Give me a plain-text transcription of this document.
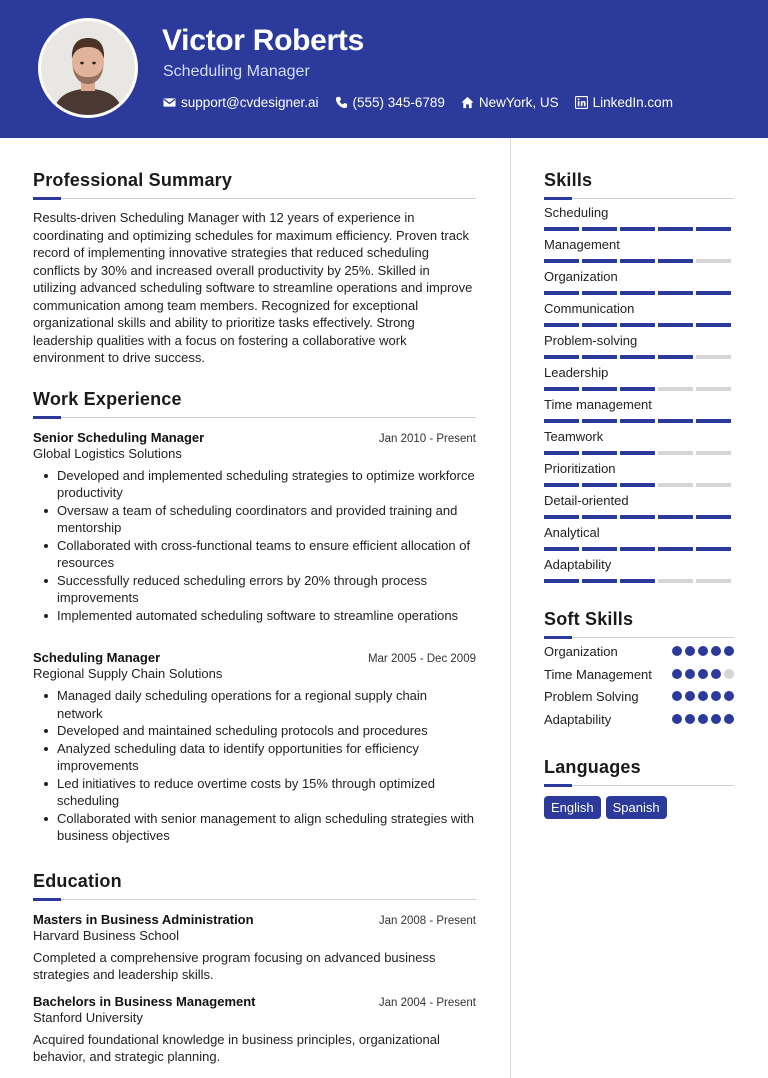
Victor Roberts
Scheduling Manager
support@cvdesigner.ai	(555) 345-6789	NewYork, US	LinkedIn.com
Professional Summary
Results-driven Scheduling Manager with 12 years of experience in coordinating and optimizing schedules for maximum efficiency. Proven track record of implementing innovative strategies that reduced scheduling conflicts by 30% and increased overall productivity by 25%. Skilled in utilizing advanced scheduling software to streamline operations and improve communication among team members. Recognized for exceptional organizational skills and ability to prioritize tasks effectively. Strong leadership qualities with a focus on fostering a collaborative work environment to drive success.
Work Experience
Senior Scheduling Manager	Jan 2010 - Present
Global Logistics Solutions
Developed and implemented scheduling strategies to optimize workforce productivity
Oversaw a team of scheduling coordinators and provided training and mentorship
Collaborated with cross-functional teams to ensure efficient allocation of resources
Successfully reduced scheduling errors by 20% through process improvements
Implemented automated scheduling software to streamline operations
Scheduling Manager	Mar 2005 - Dec 2009
Regional Supply Chain Solutions
Managed daily scheduling operations for a regional supply chain network
Developed and maintained scheduling protocols and procedures
Analyzed scheduling data to identify opportunities for efficiency improvements
Led initiatives to reduce overtime costs by 15% through optimized scheduling
Collaborated with senior management to align scheduling strategies with business objectives
Education
Masters in Business Administration	Jan 2008 - Present
Harvard Business School
Completed a comprehensive program focusing on advanced business strategies and leadership skills.
Bachelors in Business Management	Jan 2004 - Present
Stanford University
Acquired foundational knowledge in business principles, organizational behavior, and strategic planning.
Skills
Scheduling
Management
Organization
Communication
Problem-solving
Leadership
Time management
Teamwork
Prioritization
Detail-oriented
Analytical
Adaptability
Soft Skills
Organization
Time Management
Problem Solving
Adaptability
Languages
English	Spanish
